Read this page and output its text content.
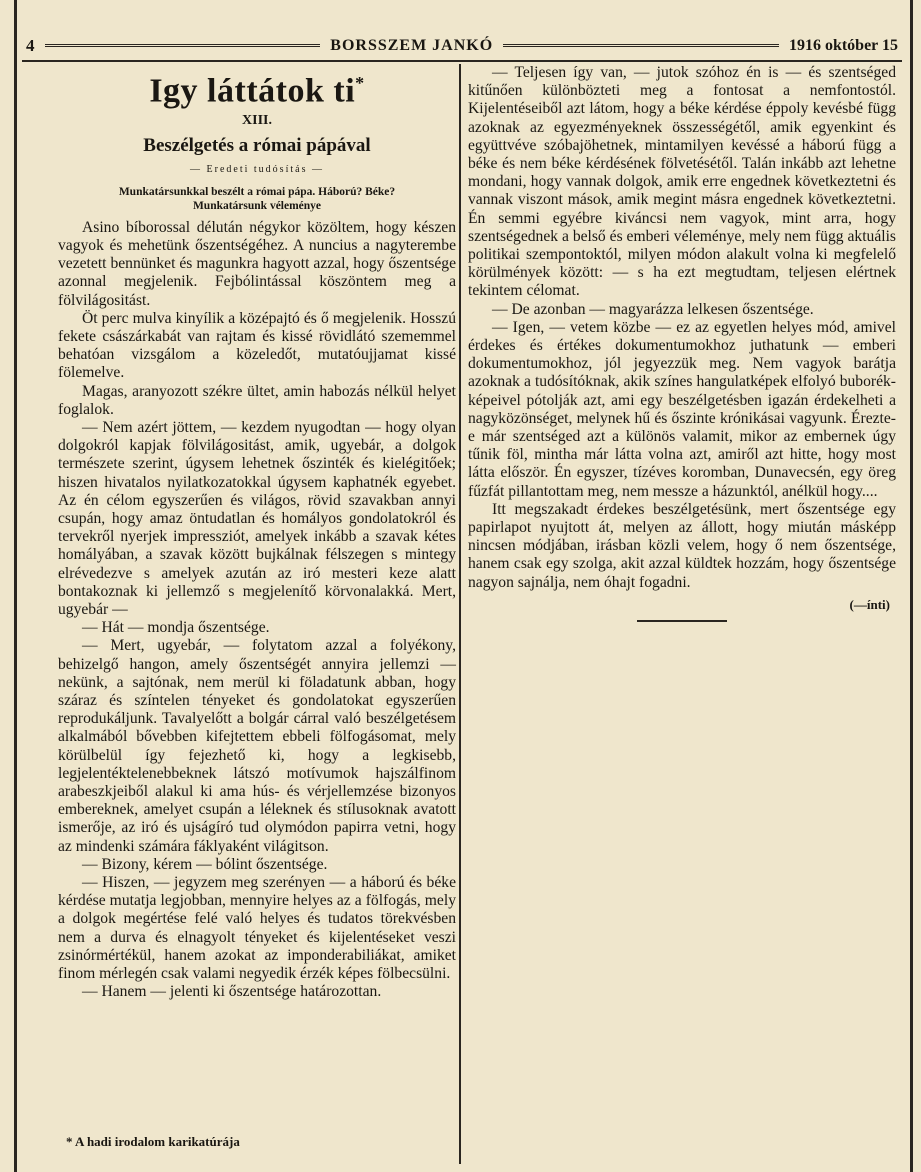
4	BORSSZEM JANKÓ	1916 október 15
Igy láttátok ti*
XIII.
Beszélgetés a római pápával
— Eredeti tudósítás —
Munkatársunkkal beszélt a római pápa. Háború? Béke?
Munkatársunk véleménye

Asino bíborossal délután négykor közöltem, hogy készen vagyok és mehetünk őszentségéhez. A nuncius a nagyterembe vezetett bennünket és magunkra hagyott azzal, hogy őszentsége azonnal megjelenik. Fejbólintással köszöntem meg a fölvilágositást.

Öt perc mulva kinyílik a középajtó és ő megjelenik. Hosszú fekete császárkabát van rajtam és kissé rövidlátó szememmel behatóan vizsgálom a közeledőt, mutatóujjamat kissé fölemelve.

Magas, aranyozott székre ültet, amin habozás nélkül helyet foglalok.

— Nem azért jöttem, — kezdem nyugodtan — hogy olyan dolgokról kapjak fölvilágositást, amik, ugyebár, a dolgok természete szerint, úgysem lehetnek őszinték és kielégitőek; hiszen hivatalos nyilatkozatokkal úgysem kaphatnék egyebet. Az én célom egyszerűen és világos, rövid szavakban annyi csupán, hogy amaz öntudatlan és homályos gondolatokról és tervekről nyerjek impressziót, amelyek inkább a szavak kétes homályában, a szavak között bujkálnak félszegen s mintegy elrévedezve s amelyek azután az iró mesteri keze alatt bontakoznak ki jellemző s megjelenítő körvonalakká. Mert, ugyebár —

— Hát — mondja őszentsége.

— Mert, ugyebár, — folytatom azzal a folyékony, behizelgő hangon, amely őszentségét annyira jellemzi — nekünk, a sajtónak, nem merül ki föladatunk abban, hogy száraz és színtelen tényeket és gondolatokat egyszerűen reprodukáljunk. Tavalyelőtt a bolgár cárral való beszélgetésem alkalmából bővebben kifejtettem ebbeli fölfogásomat, mely körülbelül így fejezhető ki, hogy a legkisebb, legjelentéktelenebbeknek látszó motívumok hajszálfinom arabeszkjeiből alakul ki ama hús- és vérjellemzése bizonyos embereknek, amelyet csupán a léleknek és stílusoknak avatott ismerője, az iró és ujságíró tud olymódon papirra vetni, hogy az mindenki számára fáklyaként világitson.

— Bizony, kérem — bólint őszentsége.

— Hiszen, — jegyzem meg szerényen — a háború és béke kérdése mutatja legjobban, mennyire helyes az a fölfogás, mely a dolgok megértése felé való helyes és tudatos törekvésben nem a durva és elnagyolt tényeket és kijelentéseket veszi zsinórmértékül, hanem azokat az imponderabiliákat, amiket finom mérlegén csak valami negyedik érzék képes fölbecsülni.

— Hanem — jelenti ki őszentsége határozottan.

— Teljesen így van, — jutok szóhoz én is — és szentséged kitűnően különbözteti meg a fontosat a nemfontostól. Kijelentéseiből azt látom, hogy a béke kérdése éppoly kevésbé függ azoknak az egyezményeknek összességétől, amik egyenkint és együttvéve szóbajöhetnek, mintamilyen kevéssé a háború függ a béke és nem béke kérdésének fölvetésétől. Talán inkább azt lehetne mondani, hogy vannak dolgok, amik erre engednek következtetni és vannak viszont mások, amik megint másra engednek következtetni. Én semmi egyébre kiváncsi nem vagyok, mint arra, hogy szentségednek a belső és emberi véleménye, mely nem függ aktuális politikai szempontoktól, milyen módon alakult volna ki megfelelő körülmények között: — s ha ezt megtudtam, teljesen elértnek tekintem célomat.

— De azonban — magyarázza lelkesen őszentsége.

— Igen, — vetem közbe — ez az egyetlen helyes mód, amivel érdekes és értékes dokumentumokhoz juthatunk — emberi dokumentumokhoz, jól jegyezzük meg. Nem vagyok barátja azoknak a tudósítóknak, akik színes hangulatképek elfolyó buborék-képeivel pótolják azt, ami egy beszélgetésben igazán érdekelheti a nagyközönséget, melynek hű és őszinte krónikásai vagyunk. Érezte-e már szentséged azt a különös valamit, mikor az embernek úgy tűnik föl, mintha már látta volna azt, amiről azt hitte, hogy most látta először. Én egyszer, tízéves koromban, Dunavecsén, egy öreg fűzfát pillantottam meg, nem messze a házunktól, anélkül hogy....

Itt megszakadt érdekes beszélgetésünk, mert őszentsége egy papirlapot nyujtott át, melyen az állott, hogy miután másképp nincsen módjában, irásban közli velem, hogy ő nem őszentsége, hanem csak egy szolga, akit azzal küldtek hozzám, hogy őszentsége nagyon sajnálja, nem óhajt fogadni.

(—ínti)
* A hadi irodalom karikatúrája
